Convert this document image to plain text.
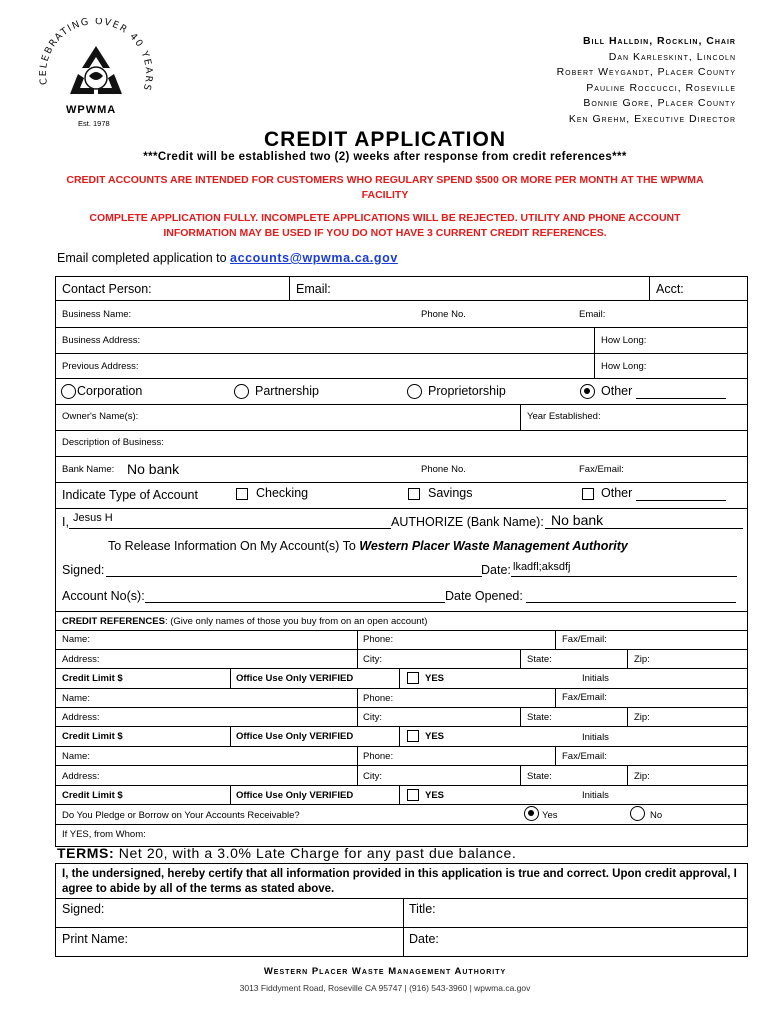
CELEBRATING OVER 40 YEARS
WPWMA
Est. 1978
Bill Halldin, Rocklin, Chair
Dan Karleskint, Lincoln
Robert Weygandt, Placer County
Pauline Roccucci, Roseville
Bonnie Gore, Placer County
Ken Grehm, Executive Director
CREDIT APPLICATION
***Credit will be established two (2) weeks after response from credit references***
CREDIT ACCOUNTS ARE INTENDED FOR CUSTOMERS WHO REGULARY SPEND $500 OR MORE PER MONTH AT THE WPWMA FACILITY
COMPLETE APPLICATION FULLY. INCOMPLETE APPLICATIONS WILL BE REJECTED. UTILITY AND PHONE ACCOUNT INFORMATION MAY BE USED IF YOU DO NOT HAVE 3 CURRENT CREDIT REFERENCES.
Email completed application to accounts@wpwma.ca.gov
Contact Person:	Email:	Acct:
Business Name:	Phone No.	Email:
Business Address:	How Long:
Previous Address:	How Long:
Corporation	Partnership	Proprietorship	Other
Owner's Name(s):	Year Established:
Description of Business:
Bank Name: No bank	Phone No.	Fax/Email:
Indicate Type of Account	Checking	Savings	Other
I, Jesus H	AUTHORIZE (Bank Name): No bank
To Release Information On My Account(s) To Western Placer Waste Management Authority
Signed:	Date: lkadfl;aksdfj
Account No(s):	Date Opened:
CREDIT REFERENCES: (Give only names of those you buy from on an open account)
Name:	Phone:	Fax/Email:
Address:	City:	State:	Zip:
Credit Limit $	Office Use Only VERIFIED	YES	Initials
Name:	Phone:	Fax/Email:
Address:	City:	State:	Zip:
Credit Limit $	Office Use Only VERIFIED	YES	Initials
Name:	Phone:	Fax/Email:
Address:	City:	State:	Zip:
Credit Limit $	Office Use Only VERIFIED	YES	Initials
Do You Pledge or Borrow on Your Accounts Receivable?	Yes	No
If YES, from Whom:
TERMS: Net 20, with a 3.0% Late Charge for any past due balance.
I, the undersigned, hereby certify that all information provided in this application is true and correct. Upon credit approval, I agree to abide by all of the terms as stated above.
Signed:	Title:
Print Name:	Date:
Western Placer Waste Management Authority
3013 Fiddyment Road, Roseville CA 95747 | (916) 543-3960 | wpwma.ca.gov
